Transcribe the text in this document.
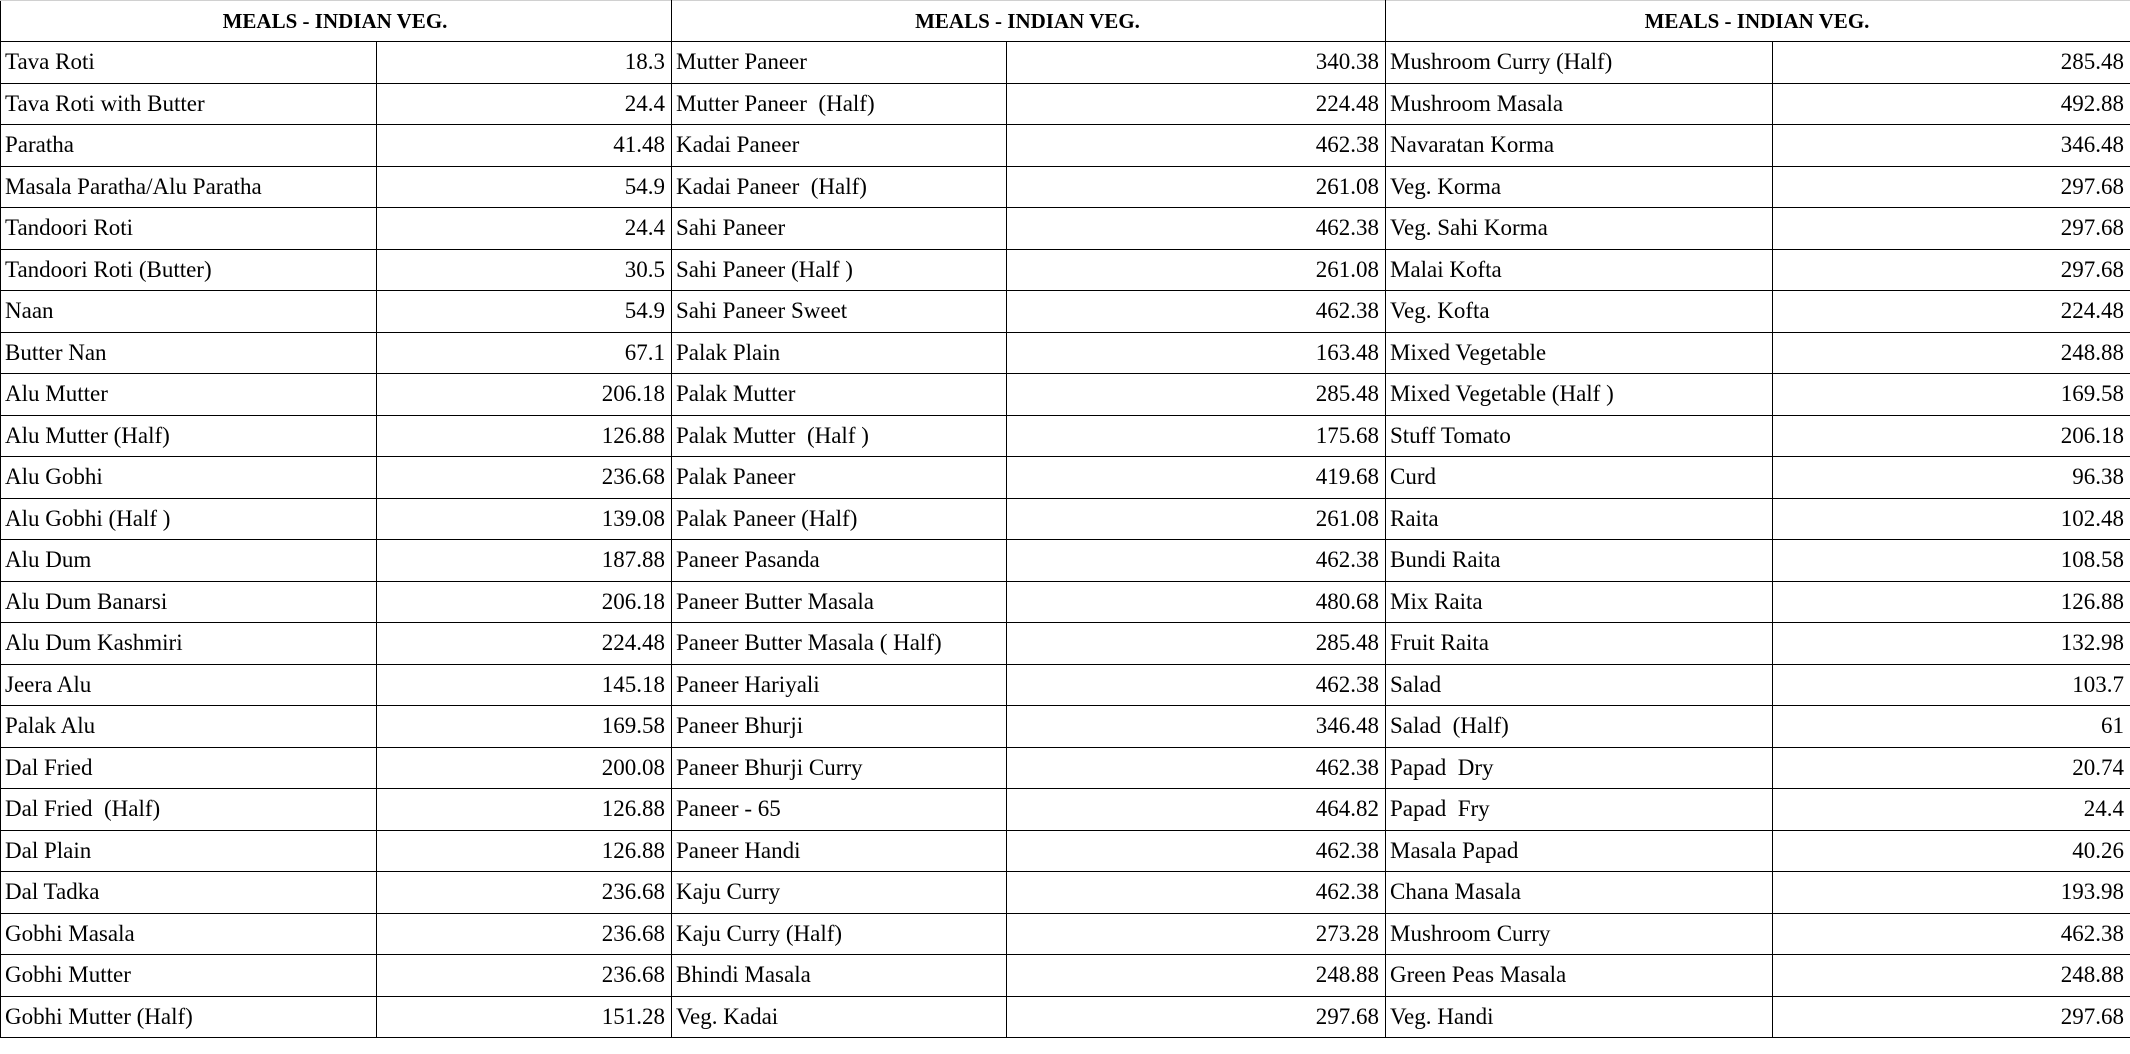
MEALS - INDIAN VEG.		MEALS - INDIAN VEG.		MEALS - INDIAN VEG.	
Tava Roti	18.3	Mutter Paneer	340.38	Mushroom Curry (Half)	285.48
Tava Roti with Butter	24.4	Mutter Paneer  (Half)	224.48	Mushroom Masala	492.88
Paratha	41.48	Kadai Paneer	462.38	Navaratan Korma	346.48
Masala Paratha/Alu Paratha	54.9	Kadai Paneer  (Half)	261.08	Veg. Korma	297.68
Tandoori Roti	24.4	Sahi Paneer	462.38	Veg. Sahi Korma	297.68
Tandoori Roti (Butter)	30.5	Sahi Paneer (Half )	261.08	Malai Kofta	297.68
Naan	54.9	Sahi Paneer Sweet	462.38	Veg. Kofta	224.48
Butter Nan	67.1	Palak Plain	163.48	Mixed Vegetable	248.88
Alu Mutter	206.18	Palak Mutter	285.48	Mixed Vegetable (Half )	169.58
Alu Mutter (Half)	126.88	Palak Mutter  (Half )	175.68	Stuff Tomato	206.18
Alu Gobhi	236.68	Palak Paneer	419.68	Curd	96.38
Alu Gobhi (Half )	139.08	Palak Paneer (Half)	261.08	Raita	102.48
Alu Dum	187.88	Paneer Pasanda	462.38	Bundi Raita	108.58
Alu Dum Banarsi	206.18	Paneer Butter Masala	480.68	Mix Raita	126.88
Alu Dum Kashmiri	224.48	Paneer Butter Masala ( Half)	285.48	Fruit Raita	132.98
Jeera Alu	145.18	Paneer Hariyali	462.38	Salad	103.7
Palak Alu	169.58	Paneer Bhurji	346.48	Salad  (Half)	61
Dal Fried	200.08	Paneer Bhurji Curry	462.38	Papad  Dry	20.74
Dal Fried  (Half)	126.88	Paneer - 65	464.82	Papad  Fry	24.4
Dal Plain	126.88	Paneer Handi	462.38	Masala Papad	40.26
Dal Tadka	236.68	Kaju Curry	462.38	Chana Masala	193.98
Gobhi Masala	236.68	Kaju Curry (Half)	273.28	Mushroom Curry	462.38
Gobhi Mutter	236.68	Bhindi Masala	248.88	Green Peas Masala	248.88
Gobhi Mutter (Half)	151.28	Veg. Kadai	297.68	Veg. Handi	297.68
